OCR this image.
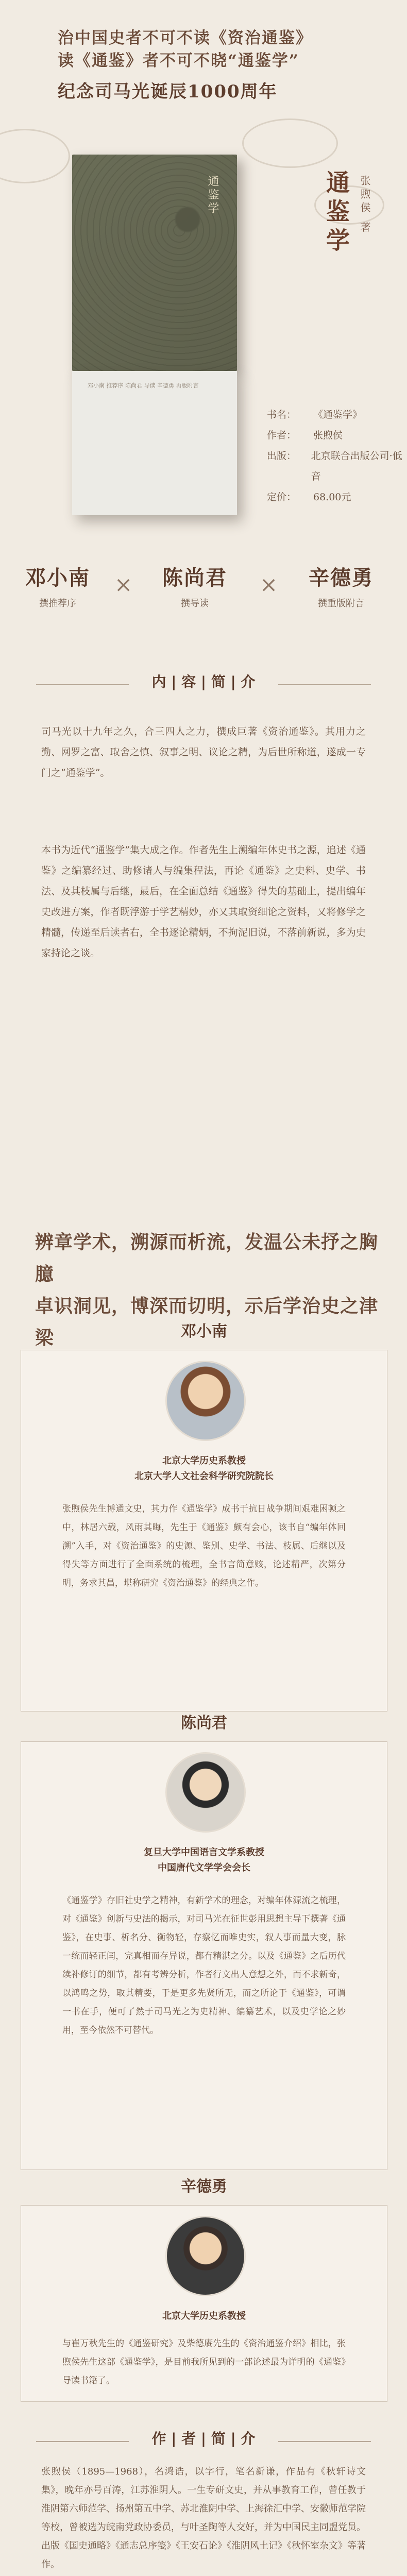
治中国史者不可不读《资治通鉴》
读《通鉴》者不可不晓“通鉴学”
纪念司马光诞辰1000周年
通鉴学
邓小南 推荐序 陈尚君 导读 辛德勇 再版附言
通鉴学 张煦侯 著
书名：	《通鉴学》
作者：	张煦侯
出版：	北京联合出版公司·低音
定价：	68.00元
邓小南
撰推荐序
×	陈尚君
撰导读
×	辛德勇
撰重版附言
内 | 容 | 简 | 介
司马光以十九年之久，合三四人之力，撰成巨著《资治通鉴》。其用力之勤、网罗之富、取舍之慎、叙事之明、议论之精，为后世所称道，遂成一专门之“通鉴学”。
本书为近代“通鉴学”集大成之作。作者先生上溯编年体史书之源，追述《通鉴》之编纂经过、助修诸人与编集程法，再论《通鉴》之史料、史学、书法、及其枝属与后继，最后，在全面总结《通鉴》得失的基础上，提出编年史改进方案，作者既浮游于学艺精妙，亦又其取资细论之资料，又将修学之精髓，传递至后读者右，全书逐论精炳，不拘泥旧说，不落前新说，多为史家持论之谈。
辨章学术，溯源而析流，发温公未抒之胸臆
卓识洞见，博深而切明，示后学治史之津梁	邓小南
北京大学历史系教授
北京大学人文社会科学研究院院长
张煦侯先生博通文史，其力作《通鉴学》成书于抗日战争期间艰难困顿之中，林居六载，风雨其晦，先生于《通鉴》颇有会心，该书自“编年体回溯”入手，对《资治通鉴》的史源、鉴别、史学、书法、枝属、后继以及得失等方面进行了全面系统的梳理，全书言简意赅，论述精严，次第分明，务求其昌，堪称研究《资治通鉴》的经典之作。
陈尚君
复旦大学中国语言文学系教授
中国唐代文学学会会长
《通鉴学》存旧社史学之精神，有新学术的理念，对编年体源流之梳理，对《通鉴》创新与史法的揭示，对司马光在征世彭用思想主导下撰著《通鉴》，在史事、析名分、衡物轻，存察忆而唯史实，叙人事而量大变，脉一统而轻正闰，完真相而存异说，都有精湛之分。以及《通鉴》之后历代续补修订的细节，都有考辨分析，作者行文出人意想之外，而不求新奇，以鸿鸣之势，取其精要，于是更多先贤所无，而之所论于《通鉴》，可谓一书在手，便可了然于司马光之为史精神、编纂艺术，以及史学论之妙用，至今依然不可替代。
辛德勇
北京大学历史系教授
与崔万秋先生的《通鉴研究》及柴德赓先生的《资治通鉴介绍》相比，张煦侯先生这部《通鉴学》，是目前我所见到的一部论述最为详明的《通鉴》导读书籍了。
作 | 者 | 简 | 介
张煦侯（1895—1968），名鸿诰，以字行，笔名新谦，作品有《秋轩诗文集》，晚年亦号百涛，江苏淮阴人。一生专研文史，并从事教育工作，曾任教于淮阴第六师范学、扬州第五中学、苏北淮阴中学、上海徐汇中学、安徽师范学院等校，曾被选为皖南党政协委员，与叶圣陶等人交好，并为中国民主同盟党员。出版《国史通略》《通志总序笺》《王安石论》《淮阴风土记》《秋怀室杂文》等著作。
